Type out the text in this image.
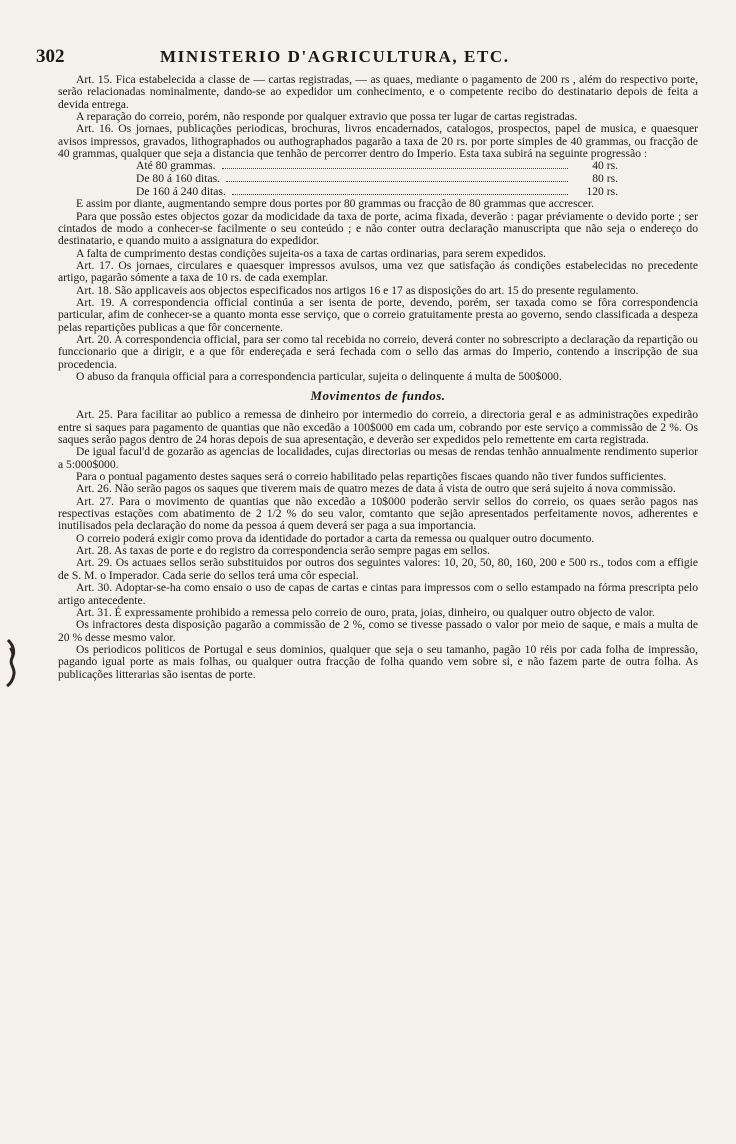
302	MINISTERIO D'AGRICULTURA, ETC.

Art. 15. Fica estabelecida a classe de — cartas registradas, — as quaes, mediante o pagamento de 200 rs , além do respectivo porte, serão relacionadas nominalmente, dando-se ao expedidor um conhecimento, e o competente recibo do destinatario depois de feita a devida entrega.

A reparação do correio, porém, não responde por qualquer extravio que possa ter lugar de cartas registradas.

Art. 16. Os jornaes, publicações periodicas, brochuras, livros encadernados, catalogos, prospectos, papel de musica, e quaesquer avisos impressos, gravados, lithographados ou authographados pagarão a taxa de 20 rs. por porte simples de 40 grammas, ou fracção de 40 grammas, qualquer que seja a distancia que tenhão de percorrer dentro do Imperio. Esta taxa subirá na seguinte progressão :

Até 80 grammas.	40 rs.
De 80 á 160 ditas.	80 rs.
De 160 á 240 ditas.	120 rs.

E assim por diante, augmentando sempre dous portes por 80 grammas ou fracção de 80 grammas que accrescer.

Para que possão estes objectos gozar da modicidade da taxa de porte, acima fixada, deverão : pagar préviamente o devido porte ; ser cintados de modo a conhecer-se facilmente o seu conteúdo ; e não conter outra declaração manuscripta que não seja o endereço do destinatario, e quando muito a assignatura do expedidor.

A falta de cumprimento destas condições sujeita-os a taxa de cartas ordinarias, para serem expedidos.

Art. 17. Os jornaes, circulares e quaesquer impressos avulsos, uma vez que satisfação ás condições estabelecidas no precedente artigo, pagarão sómente a taxa de 10 rs. de cada exemplar.

Art. 18. São applicaveis aos objectos especificados nos artigos 16 e 17 as disposições do art. 15 do presente regulamento.

Art. 19. A correspondencia official continúa a ser isenta de porte, devendo, porém, ser taxada como se fôra correspondencia particular, afim de conhecer-se a quanto monta esse serviço, que o correio gratuitamente presta ao governo, sendo classificada a despeza pelas repartições publicas a que fôr concernente.

Art. 20. A correspondencia official, para ser como tal recebida no correio, deverá conter no sobrescripto a declaração da repartição ou funccionario que a dirigir, e a que fôr endereçada e será fechada com o sello das armas do Imperio, contendo a inscripção de sua procedencia.

O abuso da franquia official para a correspondencia particular, sujeita o delinquente á multa de 500$000.

Movimentos de fundos.

Art. 25. Para facilitar ao publico a remessa de dinheiro por intermedio do correio, a directoria geral e as administrações expedirão entre si saques para pagamento de quantias que não excedão a 100$000 em cada um, cobrando por este serviço a commissão de 2 %. Os saques serão pagos dentro de 24 horas depois de sua apresentação, e deverão ser expedidos pelo remettente em carta registrada.

De igual facul'd de gozarão as agencias de localidades, cujas directorias ou mesas de rendas tenhão annualmente rendimento superior a 5:000$000.

Para o pontual pagamento destes saques será o correio habilitado pelas repartições fiscaes quando não tiver fundos sufficientes.

Art. 26. Não serão pagos os saques que tiverem mais de quatro mezes de data á vista de outro que será sujeito á nova commissão.

Art. 27. Para o movimento de quantias que não excedão a 10$000 poderão servir sellos do correio, os quaes serão pagos nas respectivas estações com abatimento de 2 1/2 % do seu valor, comtanto que sejão apresentados perfeitamente novos, adherentes e inutilisados pela declaração do nome da pessoa á quem deverá ser paga a sua importancia.

O correio poderá exigir como prova da identidade do portador a carta da remessa ou qualquer outro documento.

Art. 28. As taxas de porte e do registro da correspondencia serão sempre pagas em sellos.

Art. 29. Os actuaes sellos serão substituidos por outros dos seguintes valores: 10, 20, 50, 80, 160, 200 e 500 rs., todos com a effigie de S. M. o Imperador. Cada serie do sellos terá uma côr especial.

Art. 30. Adoptar-se-ha como ensaio o uso de capas de cartas e cintas para impressos com o sello estampado na fórma prescripta pelo artigo antecedente.

Art. 31. É expressamente prohibido a remessa pelo correio de ouro, prata, joias, dinheiro, ou qualquer outro objecto de valor.

Os infractores desta disposição pagarão a commissão de 2 %, como se tivesse passado o valor por meio de saque, e mais a multa de 20 % desse mesmo valor.

Os periodicos politicos de Portugal e seus dominios, qualquer que seja o seu tamanho, pagão 10 réis por cada folha de impressão, pagando igual porte as mais folhas, ou qualquer outra fracção de folha quando vem sobre si, e não fazem parte de outra folha. As publicações litterarias são isentas de porte.
